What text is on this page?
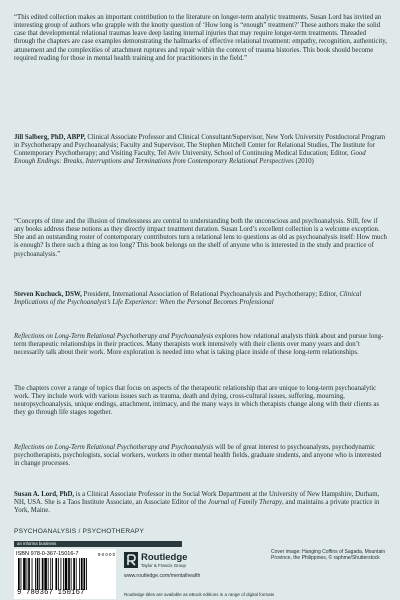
“This edited collection makes an important contribution to the literature on longer-term analytic treatments. Susan Lord has invited an interesting group of authors who grapple with the knotty question of ‘How long is “enough” treatment?’ These authors make the solid case that developmental relational traumas leave deep lasting internal injuries that may require longer-term treatments. Threaded through the chapters are case examples demonstrating the hallmarks of effective relational treatment: empathy, recognition, authenticity, attunement and the complexities of attachment ruptures and repair within the context of trauma histories. This book should become required reading for those in mental health training and for practitioners in the field.”

Jill Salberg, PhD, ABPP, Clinical Associate Professor and Clinical Consultant/Supervisor, New York University Postdoctoral Program in Psychotherapy and Psychoanalysis; Faculty and Supervisor, The Stephen Mitchell Center for Relational Studies, The Institute for Contemporary Psychotherapy; and Visiting Faculty, Tel Aviv University, School of Continuing Medical Education; Editor, Good Enough Endings: Breaks, Interruptions and Terminations from Contemporary Relational Perspectives (2010)

“Concepts of time and the illusion of timelessness are central to understanding both the unconscious and psychoanalysis. Still, few if any books address these notions as they directly impact treatment duration. Susan Lord’s excellent collection is a welcome exception. She and an outstanding roster of contemporary contributors turn a relational lens to questions as old as psychoanalysis itself: How much is enough? Is there such a thing as too long? This book belongs on the shelf of anyone who is interested in the study and practice of psychoanalysis.”

Steven Kuchuck, DSW, President, International Association of Relational Psychoanalysis and Psychotherapy; Editor, Clinical Implications of the Psychoanalyst’s Life Experience: When the Personal Becomes Professional

Reflections on Long-Term Relational Psychotherapy and Psychoanalysis explores how relational analysts think about and pursue long-term therapeutic relationships in their practices. Many therapists work intensively with their clients over many years and don’t necessarily talk about their work. More exploration is needed into what is taking place inside of these long-term relationships.

The chapters cover a range of topics that focus on aspects of the therapeutic relationship that are unique to long-term psychoanalytic work. They include work with various issues such as trauma, death and dying, cross-cultural issues, suffering, mourning, neuropsychoanalysis, unique endings, attachment, intimacy, and the many ways in which therapists change along with their clients as they go through life stages together.

Reflections on Long-Term Relational Psychotherapy and Psychoanalysis will be of great interest to psychoanalysts, psychodynamic psychotherapists, psychologists, social workers, workers in other mental health fields, graduate students, and anyone who is interested in change processes.

Susan A. Lord, PhD, is a Clinical Associate Professor in the Social Work Department at the University of New Hampshire, Durham, NH, USA. She is a Taos Institute Associate, an Associate Editor of the Journal of Family Therapy, and maintains a private practice in York, Maine.

PSYCHOANALYSIS / PSYCHOTHERAPY
an informa business
ISBN 978-0-367-15016-7	9 0 0 0 0
9 780367 150167
Routledge
Taylor & Francis Group
www.routledge.com/mentalhealth
Cover image: Hanging Coffins of Sagada, Mountain Province, the Philippines, © raphme/Shutterstock
Routledge titles are available as eBook editions in a range of digital formats
